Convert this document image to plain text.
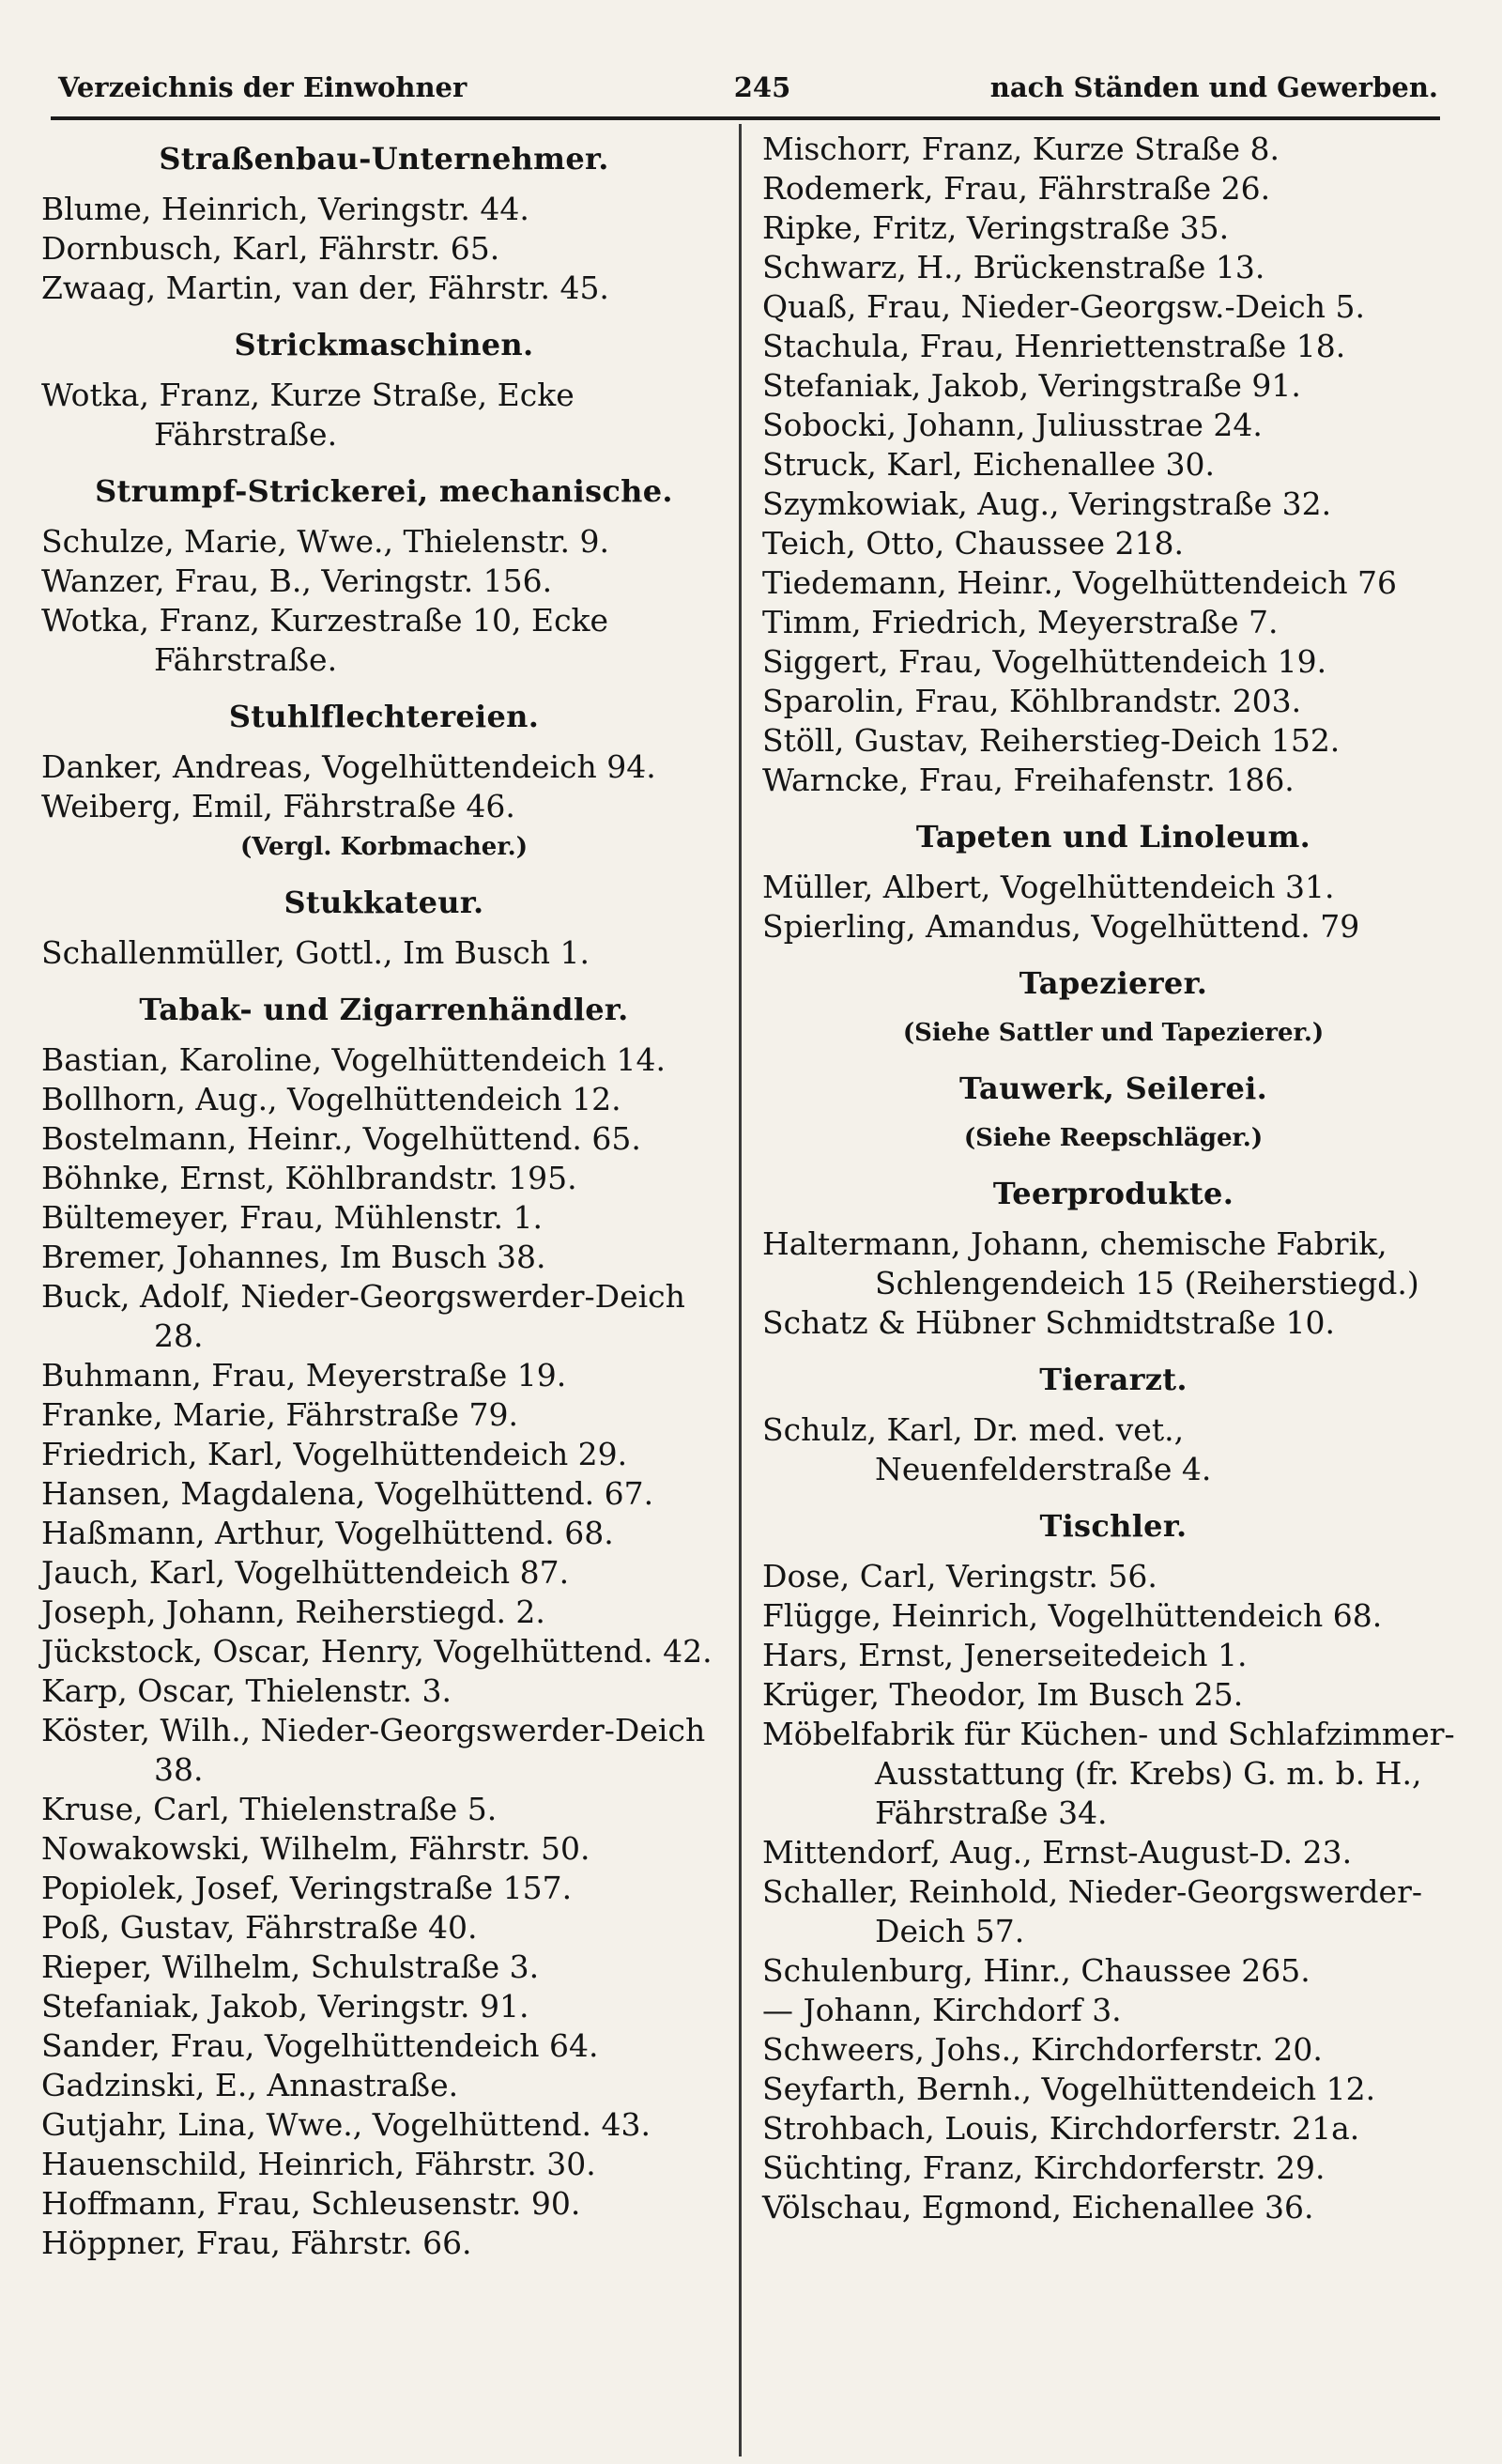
Verzeichnis der Einwohner	245	nach Ständen und Gewerben.
Straßenbau-Unternehmer.
Blume, Heinrich, Veringstr. 44.
Dornbusch, Karl, Fährstr. 65.
Zwaag, Martin, van der, Fährstr. 45.
Strickmaschinen.
Wotka, Franz, Kurze Straße, Ecke Fährstraße.
Strumpf-Strickerei, mechanische.
Schulze, Marie, Wwe., Thielenstr. 9.
Wanzer, Frau, B., Veringstr. 156.
Wotka, Franz, Kurzestraße 10, Ecke Fährstraße.
Stuhlflechtereien.
Danker, Andreas, Vogelhüttendeich 94.
Weiberg, Emil, Fährstraße 46.
(Vergl. Korbmacher.)
Stukkateur.
Schallenmüller, Gottl., Im Busch 1.
Tabak- und Zigarrenhändler.
Bastian, Karoline, Vogelhüttendeich 14.
Bollhorn, Aug., Vogelhüttendeich 12.
Bostelmann, Heinr., Vogelhüttend. 65.
Böhnke, Ernst, Köhlbrandstr. 195.
Bültemeyer, Frau, Mühlenstr. 1.
Bremer, Johannes, Im Busch 38.
Buck, Adolf, Nieder-Georgswerder-Deich 28.
Buhmann, Frau, Meyerstraße 19.
Franke, Marie, Fährstraße 79.
Friedrich, Karl, Vogelhüttendeich 29.
Hansen, Magdalena, Vogelhüttend. 67.
Haßmann, Arthur, Vogelhüttend. 68.
Jauch, Karl, Vogelhüttendeich 87.
Joseph, Johann, Reiherstiegd. 2.
Jückstock, Oscar, Henry, Vogelhüttend. 42.
Karp, Oscar, Thielenstr. 3.
Köster, Wilh., Nieder-Georgswerder-Deich 38.
Kruse, Carl, Thielenstraße 5.
Nowakowski, Wilhelm, Fährstr. 50.
Popiolek, Josef, Veringstraße 157.
Poß, Gustav, Fährstraße 40.
Rieper, Wilhelm, Schulstraße 3.
Stefaniak, Jakob, Veringstr. 91.
Sander, Frau, Vogelhüttendeich 64.
Gadzinski, E., Annastraße.
Gutjahr, Lina, Wwe., Vogelhüttend. 43.
Hauenschild, Heinrich, Fährstr. 30.
Hoffmann, Frau, Schleusenstr. 90.
Höppner, Frau, Fährstr. 66.
Mischorr, Franz, Kurze Straße 8.
Rodemerk, Frau, Fährstraße 26.
Ripke, Fritz, Veringstraße 35.
Schwarz, H., Brückenstraße 13.
Quaß, Frau, Nieder-Georgsw.-Deich 5.
Stachula, Frau, Henriettenstraße 18.
Stefaniak, Jakob, Veringstraße 91.
Sobocki, Johann, Juliusstrae 24.
Struck, Karl, Eichenallee 30.
Szymkowiak, Aug., Veringstraße 32.
Teich, Otto, Chaussee 218.
Tiedemann, Heinr., Vogelhüttendeich 76
Timm, Friedrich, Meyerstraße 7.
Siggert, Frau, Vogelhüttendeich 19.
Sparolin, Frau, Köhlbrandstr. 203.
Stöll, Gustav, Reiherstieg-Deich 152.
Warncke, Frau, Freihafenstr. 186.
Tapeten und Linoleum.
Müller, Albert, Vogelhüttendeich 31.
Spierling, Amandus, Vogelhüttend. 79
Tapezierer.
(Siehe Sattler und Tapezierer.)
Tauwerk, Seilerei.
(Siehe Reepschläger.)
Teerprodukte.
Haltermann, Johann, chemische Fabrik, Schlengendeich 15 (Reiherstiegd.)
Schatz & Hübner Schmidtstraße 10.
Tierarzt.
Schulz, Karl, Dr. med. vet., Neuenfelderstraße 4.
Tischler.
Dose, Carl, Veringstr. 56.
Flügge, Heinrich, Vogelhüttendeich 68.
Hars, Ernst, Jenerseitedeich 1.
Krüger, Theodor, Im Busch 25.
Möbelfabrik für Küchen- und Schlafzimmer-Ausstattung (fr. Krebs) G. m. b. H., Fährstraße 34.
Mittendorf, Aug., Ernst-August-D. 23.
Schaller, Reinhold, Nieder-Georgswerder-Deich 57.
Schulenburg, Hinr., Chaussee 265.
— Johann, Kirchdorf 3.
Schweers, Johs., Kirchdorferstr. 20.
Seyfarth, Bernh., Vogelhüttendeich 12.
Strohbach, Louis, Kirchdorferstr. 21a.
Süchting, Franz, Kirchdorferstr. 29.
Völschau, Egmond, Eichenallee 36.
